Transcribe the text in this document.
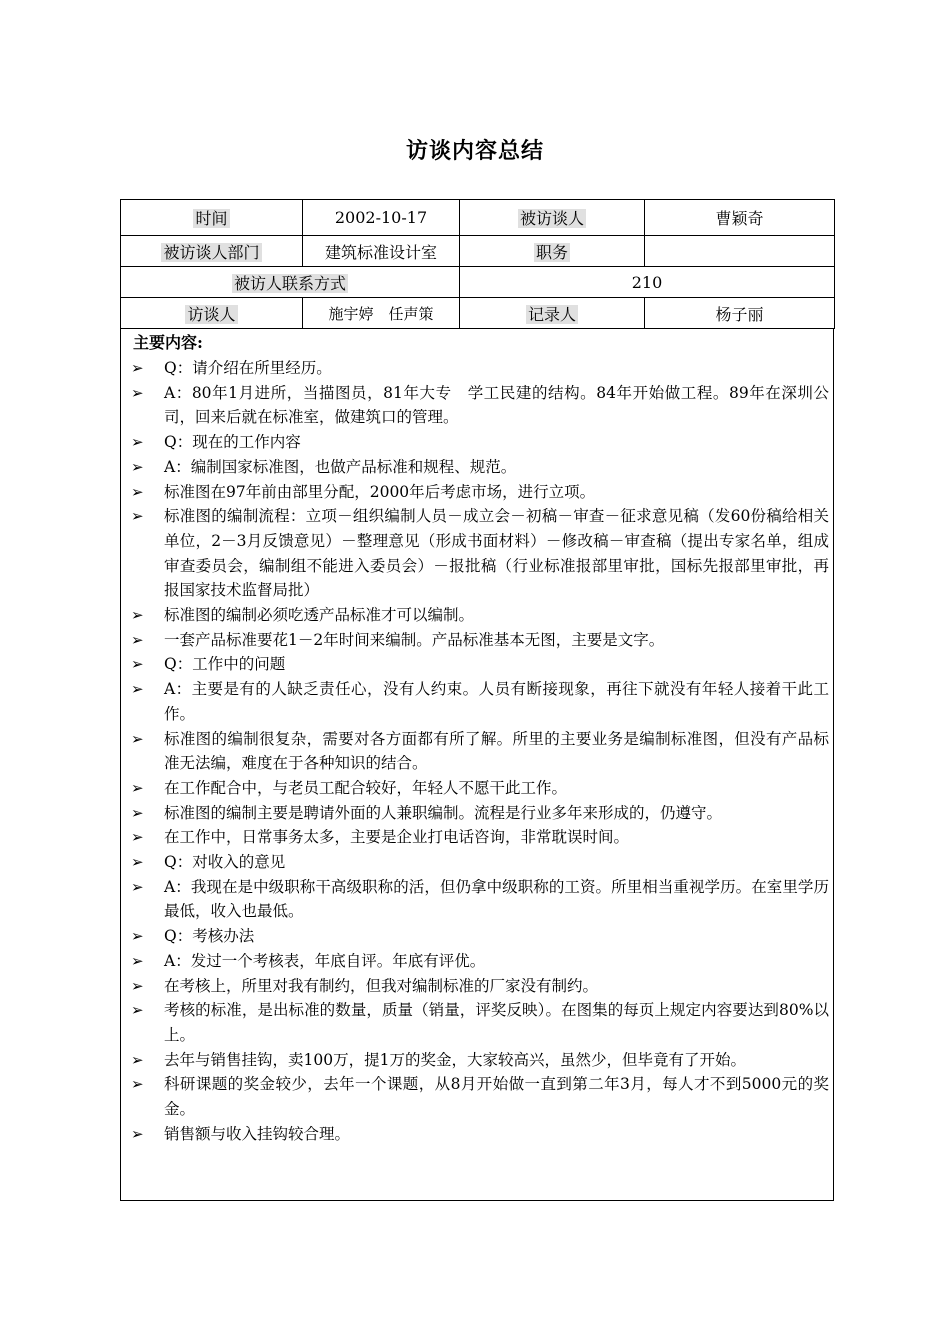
访谈内容总结
时间	2002-10-17	被访谈人	曹颖奇
被访谈人部门	建筑标准设计室	职务	
被访人联系方式		210	
访谈人	施宇婷　任声策	记录人	杨子丽
主要内容:
➢ Q：请介绍在所里经历。
➢ A：80年1月进所，当描图员，81年大专　学工民建的结构。84年开始做工程。89年在深圳公司，回来后就在标准室，做建筑口的管理。
➢ Q：现在的工作内容
➢ A：编制国家标准图，也做产品标准和规程、规范。
➢ 标准图在97年前由部里分配，2000年后考虑市场，进行立项。
➢ 标准图的编制流程：立项－组织编制人员－成立会－初稿－审查－征求意见稿（发60份稿给相关单位，2－3月反馈意见）－整理意见（形成书面材料）－修改稿－审查稿（提出专家名单，组成审查委员会，编制组不能进入委员会）－报批稿（行业标准报部里审批，国标先报部里审批，再报国家技术监督局批）
➢ 标准图的编制必须吃透产品标准才可以编制。
➢ 一套产品标准要花1－2年时间来编制。产品标准基本无图，主要是文字。
➢ Q：工作中的问题
➢ A：主要是有的人缺乏责任心，没有人约束。人员有断接现象，再往下就没有年轻人接着干此工作。
➢ 标准图的编制很复杂，需要对各方面都有所了解。所里的主要业务是编制标准图，但没有产品标准无法编，难度在于各种知识的结合。
➢ 在工作配合中，与老员工配合较好，年轻人不愿干此工作。
➢ 标准图的编制主要是聘请外面的人兼职编制。流程是行业多年来形成的，仍遵守。
➢ 在工作中，日常事务太多，主要是企业打电话咨询，非常耽误时间。
➢ Q：对收入的意见
➢ A：我现在是中级职称干高级职称的活，但仍拿中级职称的工资。所里相当重视学历。在室里学历最低，收入也最低。
➢ Q：考核办法
➢ A：发过一个考核表，年底自评。年底有评优。
➢ 在考核上，所里对我有制约，但我对编制标准的厂家没有制约。
➢ 考核的标准，是出标准的数量，质量（销量，评奖反映）。在图集的每页上规定内容要达到80%以上。
➢ 去年与销售挂钩，卖100万，提1万的奖金，大家较高兴，虽然少，但毕竟有了开始。
➢ 科研课题的奖金较少，去年一个课题，从8月开始做一直到第二年3月，每人才不到5000元的奖金。
➢ 销售额与收入挂钩较合理。
